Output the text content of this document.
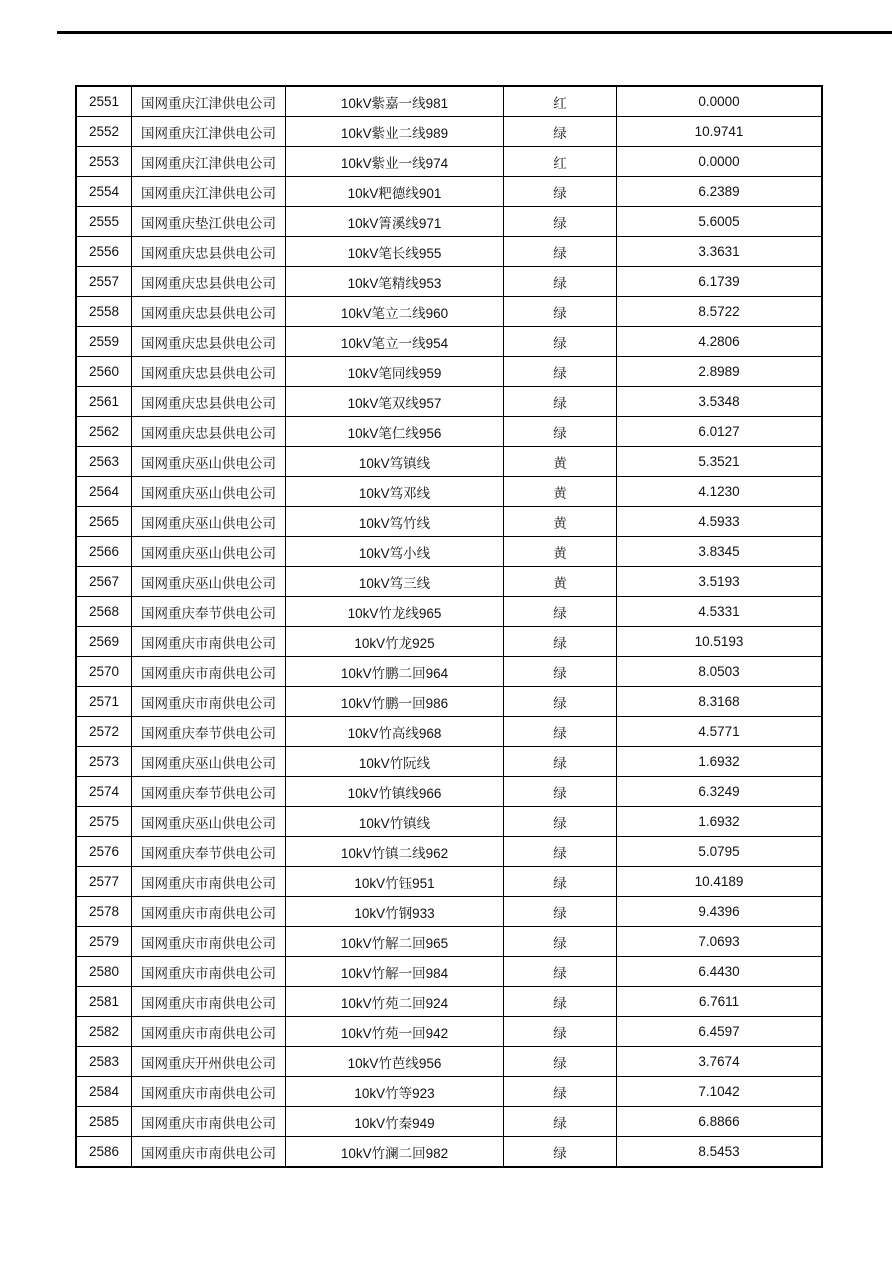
2551	国网重庆江津供电公司	10kV紫嘉一线981	红	0.0000
2552	国网重庆江津供电公司	10kV紫业二线989	绿	10.9741
2553	国网重庆江津供电公司	10kV紫业一线974	红	0.0000
2554	国网重庆江津供电公司	10kV粑德线901	绿	6.2389
2555	国网重庆垫江供电公司	10kV箐溪线971	绿	5.6005
2556	国网重庆忠县供电公司	10kV笔长线955	绿	3.3631
2557	国网重庆忠县供电公司	10kV笔精线953	绿	6.1739
2558	国网重庆忠县供电公司	10kV笔立二线960	绿	8.5722
2559	国网重庆忠县供电公司	10kV笔立一线954	绿	4.2806
2560	国网重庆忠县供电公司	10kV笔同线959	绿	2.8989
2561	国网重庆忠县供电公司	10kV笔双线957	绿	3.5348
2562	国网重庆忠县供电公司	10kV笔仁线956	绿	6.0127
2563	国网重庆巫山供电公司	10kV笃镇线	黄	5.3521
2564	国网重庆巫山供电公司	10kV笃邓线	黄	4.1230
2565	国网重庆巫山供电公司	10kV笃竹线	黄	4.5933
2566	国网重庆巫山供电公司	10kV笃小线	黄	3.8345
2567	国网重庆巫山供电公司	10kV笃三线	黄	3.5193
2568	国网重庆奉节供电公司	10kV竹龙线965	绿	4.5331
2569	国网重庆市南供电公司	10kV竹龙925	绿	10.5193
2570	国网重庆市南供电公司	10kV竹鹏二回964	绿	8.0503
2571	国网重庆市南供电公司	10kV竹鹏一回986	绿	8.3168
2572	国网重庆奉节供电公司	10kV竹高线968	绿	4.5771
2573	国网重庆巫山供电公司	10kV竹阮线	绿	1.6932
2574	国网重庆奉节供电公司	10kV竹镇线966	绿	6.3249
2575	国网重庆巫山供电公司	10kV竹镇线	绿	1.6932
2576	国网重庆奉节供电公司	10kV竹镇二线962	绿	5.0795
2577	国网重庆市南供电公司	10kV竹钰951	绿	10.4189
2578	国网重庆市南供电公司	10kV竹钢933	绿	9.4396
2579	国网重庆市南供电公司	10kV竹解二回965	绿	7.0693
2580	国网重庆市南供电公司	10kV竹解一回984	绿	6.4430
2581	国网重庆市南供电公司	10kV竹苑二回924	绿	6.7611
2582	国网重庆市南供电公司	10kV竹苑一回942	绿	6.4597
2583	国网重庆开州供电公司	10kV竹芭线956	绿	3.7674
2584	国网重庆市南供电公司	10kV竹等923	绿	7.1042
2585	国网重庆市南供电公司	10kV竹秦949	绿	6.8866
2586	国网重庆市南供电公司	10kV竹澜二回982	绿	8.5453
